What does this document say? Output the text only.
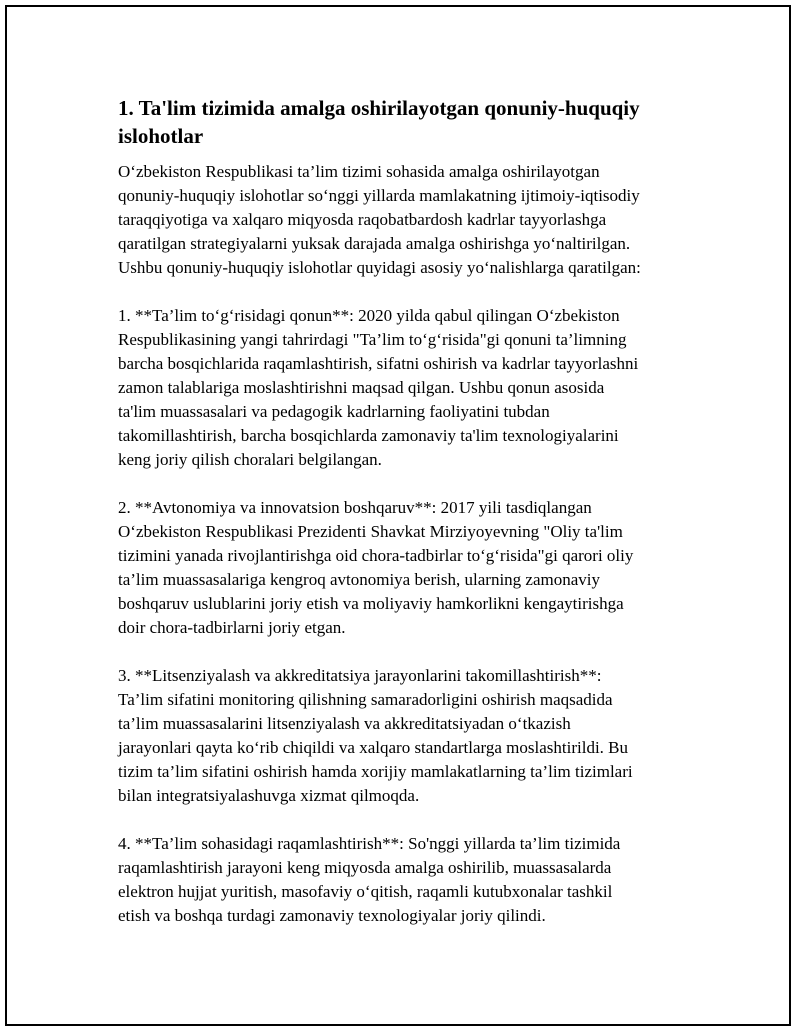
1. Ta'lim tizimida amalga oshirilayotgan qonuniy-huquqiy
islohotlar

O‘zbekiston Respublikasi ta’lim tizimi sohasida amalga oshirilayotgan
qonuniy-huquqiy islohotlar so‘nggi yillarda mamlakatning ijtimoiy-iqtisodiy
taraqqiyotiga va xalqaro miqyosda raqobatbardosh kadrlar tayyorlashga
qaratilgan strategiyalarni yuksak darajada amalga oshirishga yo‘naltirilgan.
Ushbu qonuniy-huquqiy islohotlar quyidagi asosiy yo‘nalishlarga qaratilgan:

1. **Ta’lim to‘g‘risidagi qonun**: 2020 yilda qabul qilingan O‘zbekiston
Respublikasining yangi tahrirdagi "Ta’lim to‘g‘risida"gi qonuni ta’limning
barcha bosqichlarida raqamlashtirish, sifatni oshirish va kadrlar tayyorlashni
zamon talablariga moslashtirishni maqsad qilgan. Ushbu qonun asosida
ta'lim muassasalari va pedagogik kadrlarning faoliyatini tubdan
takomillashtirish, barcha bosqichlarda zamonaviy ta'lim texnologiyalarini
keng joriy qilish choralari belgilangan.

2. **Avtonomiya va innovatsion boshqaruv**: 2017 yili tasdiqlangan
O‘zbekiston Respublikasi Prezidenti Shavkat Mirziyoyevning "Oliy ta'lim
tizimini yanada rivojlantirishga oid chora-tadbirlar to‘g‘risida"gi qarori oliy
ta’lim muassasalariga kengroq avtonomiya berish, ularning zamonaviy
boshqaruv uslublarini joriy etish va moliyaviy hamkorlikni kengaytirishga
doir chora-tadbirlarni joriy etgan.

3. **Litsenziyalash va akkreditatsiya jarayonlarini takomillashtirish**:
Ta’lim sifatini monitoring qilishning samaradorligini oshirish maqsadida
ta’lim muassasalarini litsenziyalash va akkreditatsiyadan o‘tkazish
jarayonlari qayta ko‘rib chiqildi va xalqaro standartlarga moslashtirildi. Bu
tizim ta’lim sifatini oshirish hamda xorijiy mamlakatlarning ta’lim tizimlari
bilan integratsiyalashuvga xizmat qilmoqda.

4. **Ta’lim sohasidagi raqamlashtirish**: So'nggi yillarda ta’lim tizimida
raqamlashtirish jarayoni keng miqyosda amalga oshirilib, muassasalarda
elektron hujjat yuritish, masofaviy o‘qitish, raqamli kutubxonalar tashkil
etish va boshqa turdagi zamonaviy texnologiyalar joriy qilindi.
